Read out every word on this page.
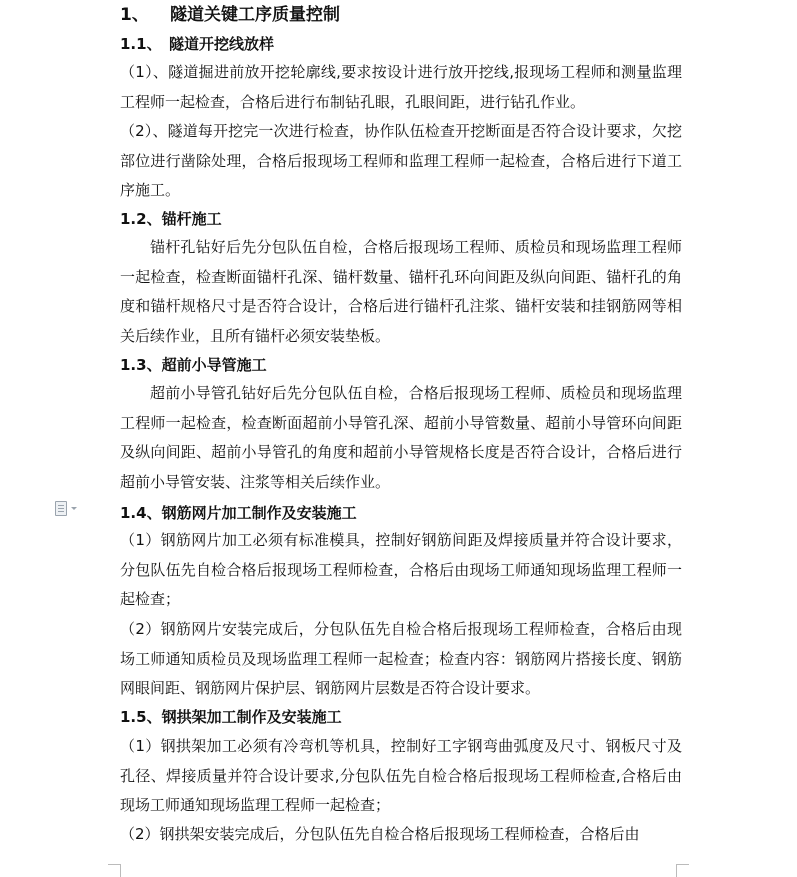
1、 隧道关键工序质量控制
1.1、 隧道开挖线放样

（1）、隧道掘进前放开挖轮廓线,要求按设计进行放开挖线,报现场工程师和测量监理工程师一起检查，合格后进行布制钻孔眼，孔眼间距，进行钻孔作业。

（2）、隧道每开挖完一次进行检查，协作队伍检查开挖断面是否符合设计要求，欠挖部位进行凿除处理，合格后报现场工程师和监理工程师一起检查，合格后进行下道工序施工。

1.2、锚杆施工

锚杆孔钻好后先分包队伍自检，合格后报现场工程师、质检员和现场监理工程师一起检查，检查断面锚杆孔深、锚杆数量、锚杆孔环向间距及纵向间距、锚杆孔的角度和锚杆规格尺寸是否符合设计，合格后进行锚杆孔注浆、锚杆安装和挂钢筋网等相关后续作业，且所有锚杆必须安装垫板。

1.3、超前小导管施工

超前小导管孔钻好后先分包队伍自检，合格后报现场工程师、质检员和现场监理工程师一起检查，检查断面超前小导管孔深、超前小导管数量、超前小导管环向间距及纵向间距、超前小导管孔的角度和超前小导管规格长度是否符合设计，合格后进行超前小导管安装、注浆等相关后续作业。

1.4、钢筋网片加工制作及安装施工

（1）钢筋网片加工必须有标准模具，控制好钢筋间距及焊接质量并符合设计要求，分包队伍先自检合格后报现场工程师检查，合格后由现场工师通知现场监理工程师一起检查；

（2）钢筋网片安装完成后，分包队伍先自检合格后报现场工程师检查，合格后由现场工师通知质检员及现场监理工程师一起检查；检查内容：钢筋网片搭接长度、钢筋网眼间距、钢筋网片保护层、钢筋网片层数是否符合设计要求。

1.5、钢拱架加工制作及安装施工

（1）钢拱架加工必须有冷弯机等机具，控制好工字钢弯曲弧度及尺寸、钢板尺寸及孔径、焊接质量并符合设计要求,分包队伍先自检合格后报现场工程师检查,合格后由现场工师通知现场监理工程师一起检查；

（2）钢拱架安装完成后，分包队伍先自检合格后报现场工程师检查，合格后由
